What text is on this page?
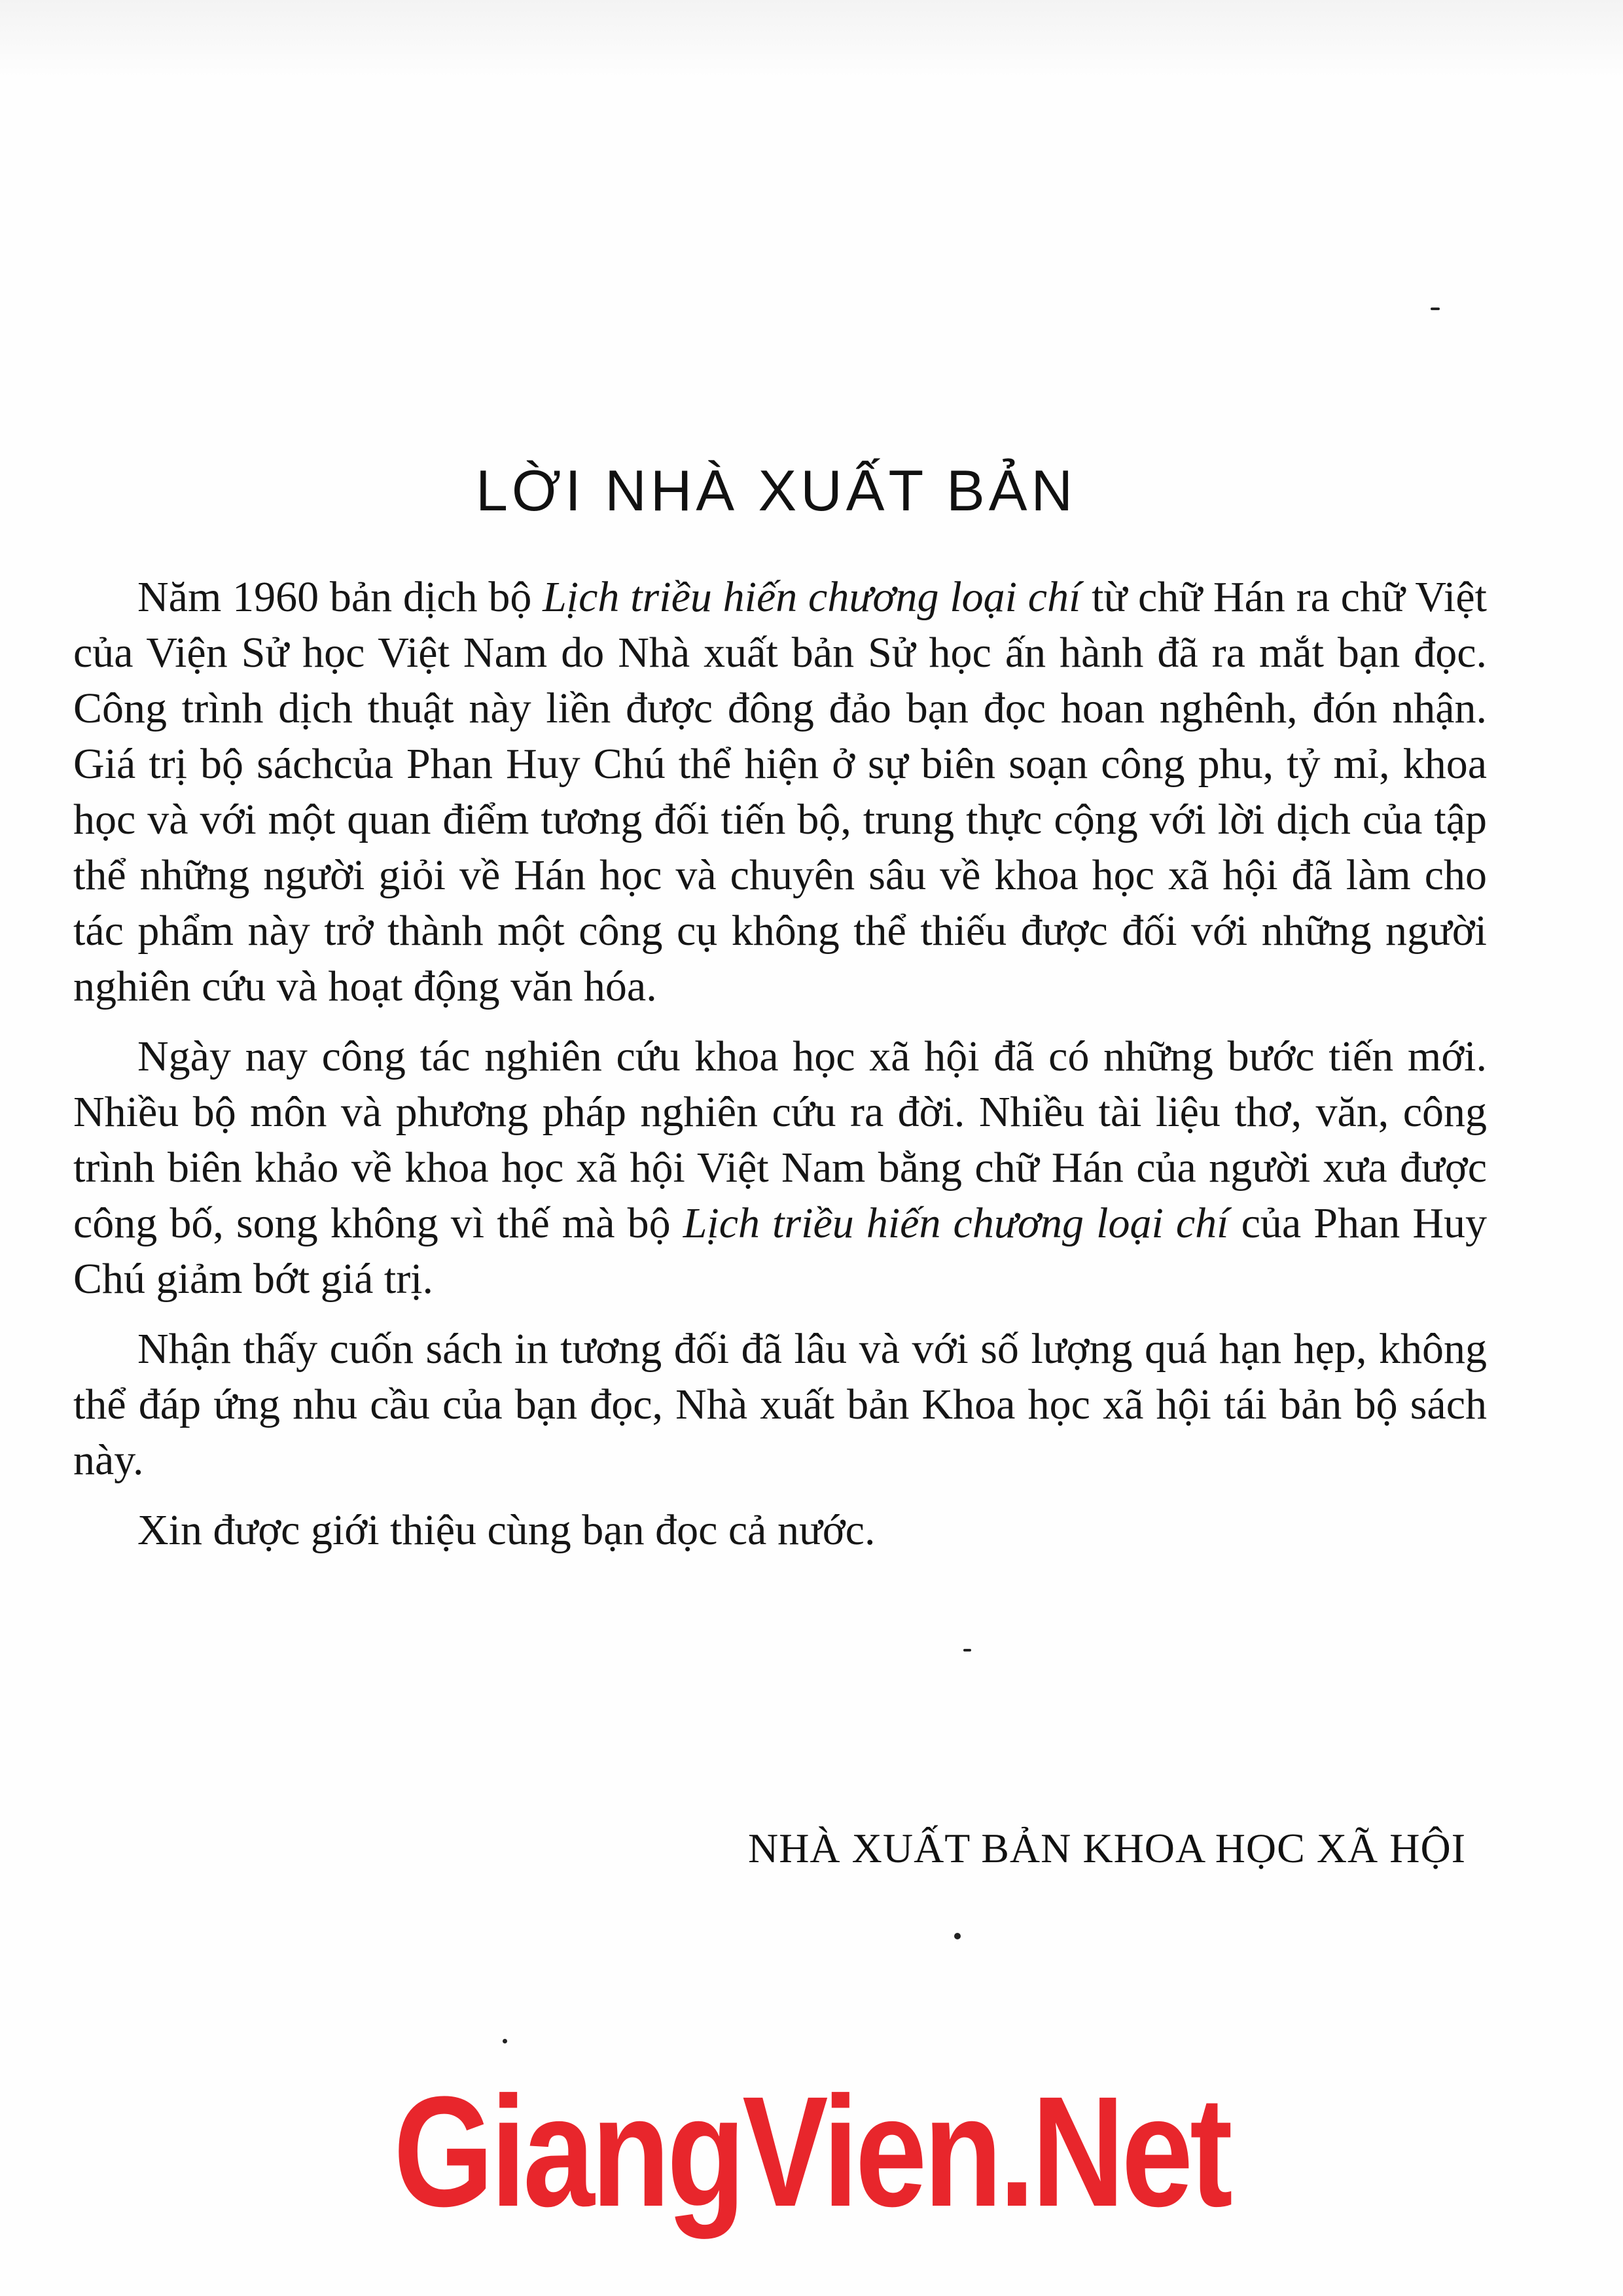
LỜI NHÀ XUẤT BẢN

Năm 1960 bản dịch bộ Lịch triều hiến chương loại chí từ chữ Hán ra chữ Việt của Viện Sử học Việt Nam do Nhà xuất bản Sử học ấn hành đã ra mắt bạn đọc. Công trình dịch thuật này liền được đông đảo bạn đọc hoan nghênh, đón nhận. Giá trị bộ sáchcủa Phan Huy Chú thể hiện ở sự biên soạn công phu, tỷ mỉ, khoa học và với một quan điểm tương đối tiến bộ, trung thực cộng với lời dịch của tập thể những người giỏi về Hán học và chuyên sâu về khoa học xã hội đã làm cho tác phẩm này trở thành một công cụ không thể thiếu được đối với những người nghiên cứu và hoạt động văn hóa.

Ngày nay công tác nghiên cứu khoa học xã hội đã có những bước tiến mới. Nhiều bộ môn và phương pháp nghiên cứu ra đời. Nhiều tài liệu thơ, văn, công trình biên khảo về khoa học xã hội Việt Nam bằng chữ Hán của người xưa được công bố, song không vì thế mà bộ Lịch triều hiến chương loại chí của Phan Huy Chú giảm bớt giá trị.

Nhận thấy cuốn sách in tương đối đã lâu và với số lượng quá hạn hẹp, không thể đáp ứng nhu cầu của bạn đọc, Nhà xuất bản Khoa học xã hội tái bản bộ sách này.

Xin được giới thiệu cùng bạn đọc cả nước.

NHÀ XUẤT BẢN KHOA HỌC XÃ HỘI
GiangVien.Net
